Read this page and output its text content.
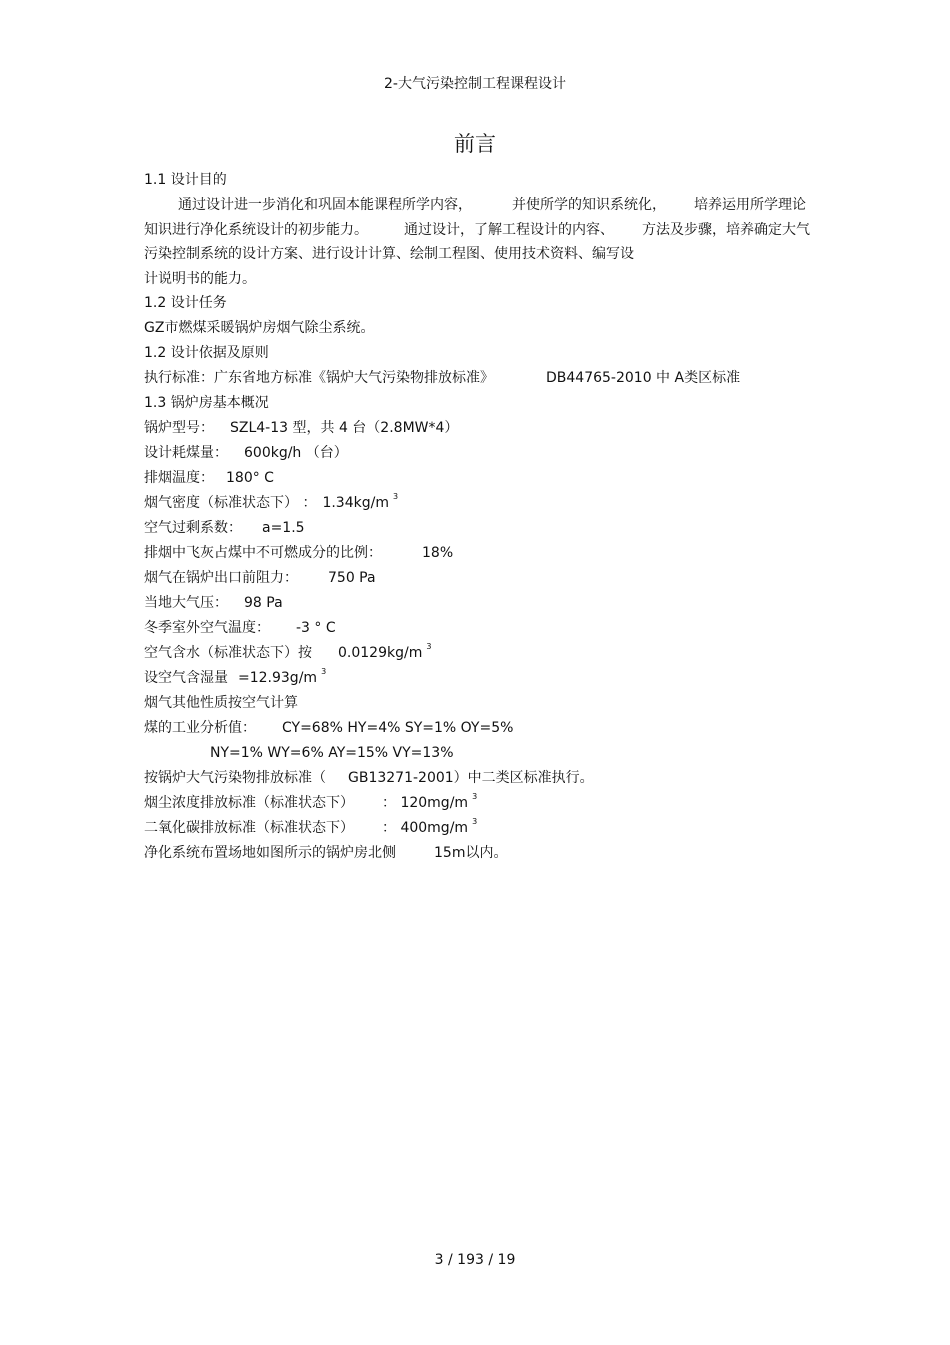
2-大气污染控制工程课程设计
前言
1.1 设计目的
通过设计进一步消化和巩固本能课程所学内容，	并使所学的知识系统化， 培养运用所学理论知识进行净化系统设计的初步能力。	通过设计，了解工程设计的内容、 方法及步骤，培养确定大气污染控制系统的设计方案、进行设计计算、绘制工程图、使用技术资料、编写设
计说明书的能力。
1.2 设计任务
GZ市燃煤采暖锅炉房烟气除尘系统。
1.2 设计依据及原则
执行标准：广东省地方标准《锅炉大气污染物排放标准》	DB44765-2010 中 A类区标准
1.3 锅炉房基本概况
锅炉型号： SZL4-13 型，共 4 台（2.8MW*4）
设计耗煤量： 600kg/h （台）
排烟温度： 180° C
烟气密度（标准状态下） ： 1.34kg/m $^3$
空气过剩系数： a=1.5
排烟中飞灰占煤中不可燃成分的比例：	18%
烟气在锅炉出口前阻力： 750 Pa
当地大气压： 98 Pa
冬季室外空气温度： -3 ° C
空气含水（标准状态下）按 0.0129kg/m $^3$
设空气含湿量 =12.93g/m $^3$
烟气其他性质按空气计算
煤的工业分析值： CY=68% HY=4% SY=1% OY=5%
NY=1% WY=6% AY=15% VY=13%
按锅炉大气污染物排放标准（ GB13271-2001）中二类区标准执行。
烟尘浓度排放标准（标准状态下） ： 120mg/m $^3$
二氧化碳排放标准（标准状态下） ： 400mg/m $^3$
净化系统布置场地如图所示的锅炉房北侧	15m以内。
3 / 193 / 19
